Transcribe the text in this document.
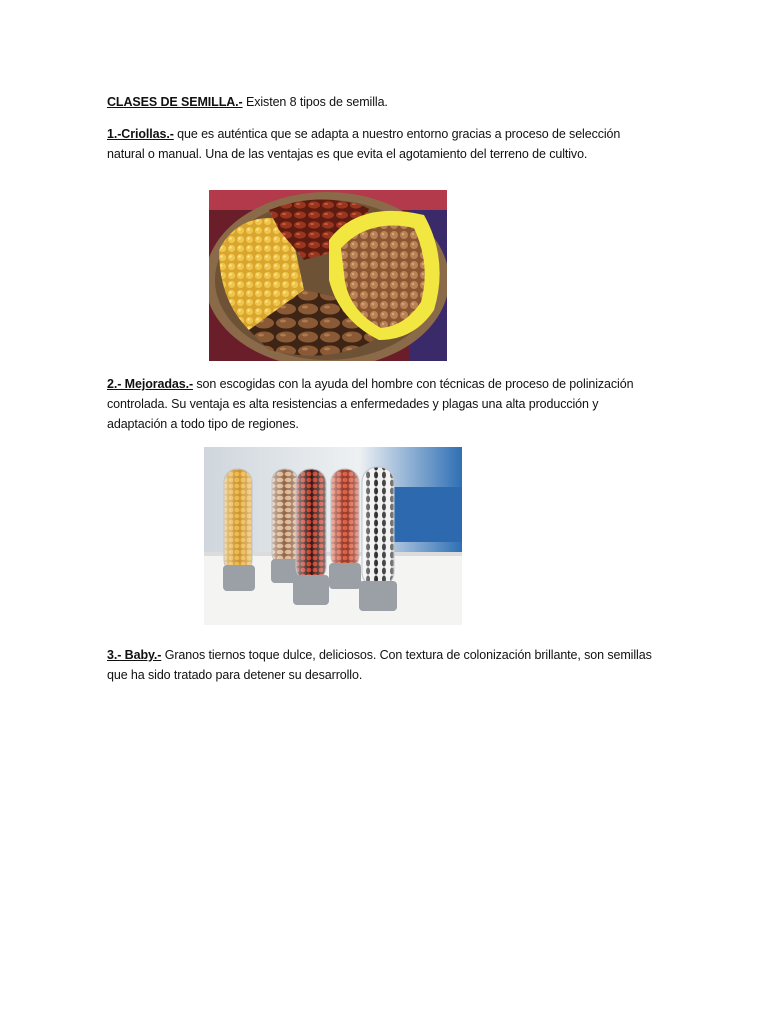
CLASES DE SEMILLA.- Existen 8 tipos de semilla.
1.-Criollas.- que es auténtica que se adapta a nuestro entorno gracias a proceso de selección
natural o manual. Una de las ventajas es que evita el agotamiento del terreno de cultivo.
2.- Mejoradas.- son escogidas con la ayuda del hombre con técnicas de proceso de polinización
controlada. Su ventaja es alta resistencias a enfermedades y plagas una alta producción y
adaptación a todo tipo de regiones.
3.- Baby.- Granos tiernos toque dulce, deliciosos. Con textura de colonización brillante, son semillas
que ha sido tratado para detener su desarrollo.
